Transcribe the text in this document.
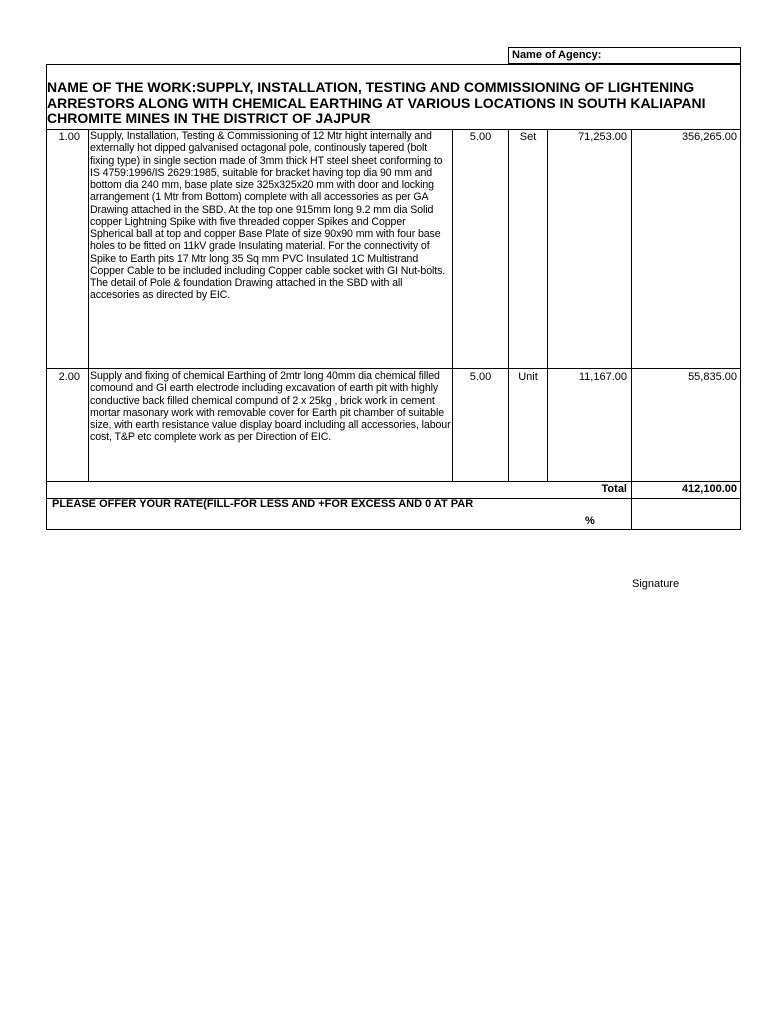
Name of Agency:
NAME OF THE WORK:SUPPLY, INSTALLATION, TESTING AND COMMISSIONING OF LIGHTENING ARRESTORS ALONG WITH CHEMICAL EARTHING AT VARIOUS LOCATIONS IN SOUTH KALIAPANI CHROMITE MINES IN THE DISTRICT OF JAJPUR
1.00 Supply, Installation, Testing & Commissioning of 12 Mtr hight internally and externally hot dipped galvanised octagonal pole, continously tapered (bolt fixing type) in single section made of 3mm thick HT steel sheet conforming to IS 4759:1996/IS 2629:1985, suitable for bracket having top dia 90 mm and bottom dia 240 mm, base plate size 325x325x20 mm with door and locking arrangement (1 Mtr from Bottom) complete with all accessories as per GA Drawing attached in the SBD. At the top one 915mm long 9.2 mm dia Solid copper Lightning Spike with five threaded copper Spikes and Copper Spherical ball at top and copper Base Plate of size 90x90 mm with four base holes to be fitted on 11kV grade Insulating material. For the connectivity of Spike to Earth pits 17 Mtr long 35 Sq mm PVC Insulated 1C Multistrand Copper Cable to be included including Copper cable socket with GI Nut-bolts. The detail of Pole & foundation Drawing attached in the SBD with all accesories as directed by EIC.
5.00	Set	71,253.00	356,265.00
2.00 Supply and fixing of chemical Earthing of 2mtr long 40mm dia chemical filled comound and GI earth electrode including excavation of earth pit with highly conductive back filled chemical compund of 2 x 25kg , brick work in cement mortar masonary work with removable cover for Earth pit chamber of suitable size, with earth resistance value display board including all accessories, labour cost, T&P etc complete work as per Direction of EIC.
5.00	Unit	11,167.00	55,835.00
Total	412,100.00
PLEASE OFFER YOUR RATE(FILL-FOR LESS AND +FOR EXCESS AND 0 AT PAR
%
Signature
